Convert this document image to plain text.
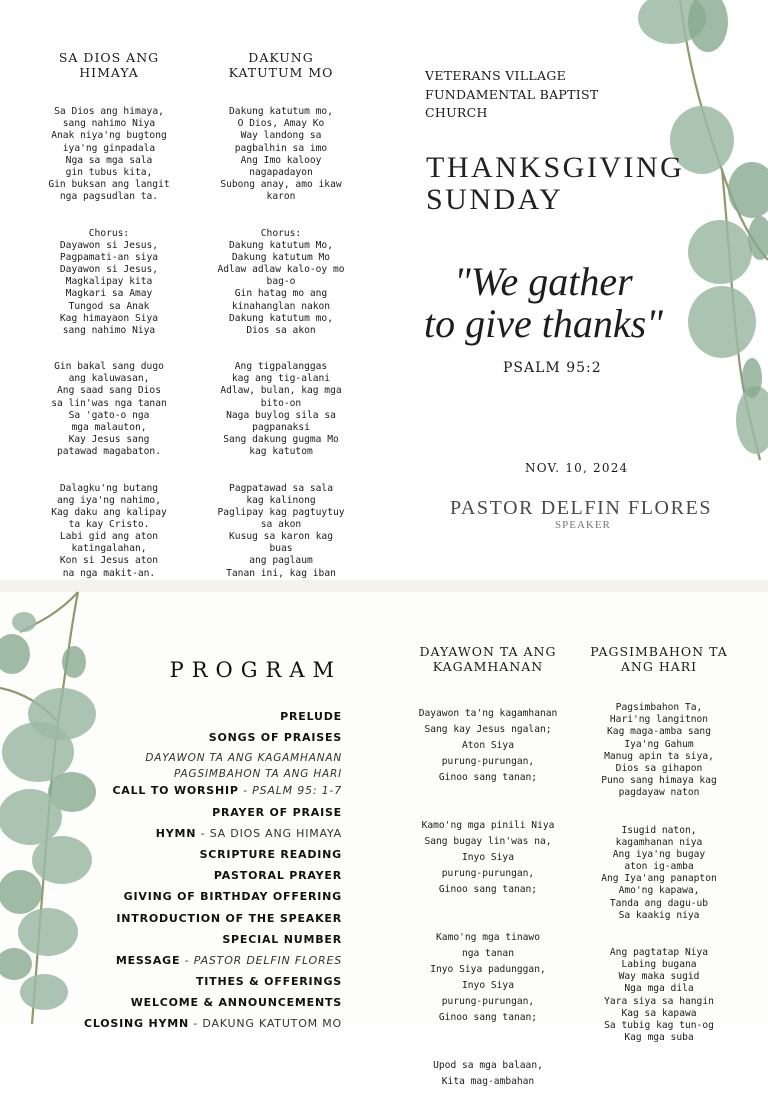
SA DIOS ANG
HIMAYA

Sa Dios ang himaya,
sang nahimo Niya
Anak niya'ng bugtong
iya'ng ginpadala
Nga sa mga sala
gin tubus kita,
Gin buksan ang langit
nga pagsudlan ta.

Chorus:
Dayawon si Jesus,
Pagpamati-an siya
Dayawon si Jesus,
Magkalipay kita
Magkari sa Amay
Tungod sa Anak
Kag himayaon Siya
sang nahimo Niya

Gin bakal sang dugo
ang kaluwasan,
Ang saad sang Dios
sa lin'was nga tanan
Sa 'gato-o nga
mga malauton,
Kay Jesus sang
patawad magabaton.

Dalagku'ng butang
ang iya'ng nahimo,
Kag daku ang kalipay
ta kay Cristo.
Labi gid ang aton
katingalahan,
Kon si Jesus aton
na nga makit-an.

DAKUNG
KATUTUM MO

Dakung katutum mo,
O Dios, Amay Ko
Way landong sa
pagbalhin sa imo
Ang Imo kalooy
nagapadayon
Subong anay, amo ikaw
karon

Chorus:
Dakung katutum Mo,
Dakung katutum Mo
Adlaw adlaw kalo-oy mo
bag-o
Gin hatag mo ang
kinahanglan nakon
Dakung katutum mo,
Dios sa akon

Ang tigpalanggas
kag ang tig-alani
Adlaw, bulan, kag mga
bito-on
Naga buylog sila sa
pagpanaksi
Sang dakung gugma Mo
kag katutom

Pagpatawad sa sala
kag kalinong
Paglipay kag pagtuytuy
sa akon
Kusug sa karon kag
buas
ang paglaum
Tanan ini, kag iban

VETERANS VILLAGE
FUNDAMENTAL BAPTIST
CHURCH
THANKSGIVING
SUNDAY
"We gather
to give thanks"
PSALM 95:2
NOV. 10, 2024
PASTOR DELFIN FLORES
SPEAKER
PROGRAM
PRELUDE
SONGS OF PRAISES
DAYAWON TA ANG KAGAMHANAN
PAGSIMBAHON TA ANG HARI
CALL TO WORSHIP - PSALM 95: 1-7
PRAYER OF PRAISE
HYMN - SA DIOS ANG HIMAYA
SCRIPTURE READING
PASTORAL PRAYER
GIVING OF BIRTHDAY OFFERING
INTRODUCTION OF THE SPEAKER
SPECIAL NUMBER
MESSAGE - PASTOR DELFIN FLORES
TITHES & OFFERINGS
WELCOME & ANNOUNCEMENTS
CLOSING HYMN - DAKUNG KATUTOM MO
DAYAWON TA ANG
KAGAMHANAN

Dayawon ta'ng kagamhanan
Sang kay Jesus ngalan;
Aton Siya
purung-purungan,
Ginoo sang tanan;

Kamo'ng mga pinili Niya
Sang bugay lin'was na,
Inyo Siya
purung-purungan,
Ginoo sang tanan;

Kamo'ng mga tinawo
nga tanan
Inyo Siya padunggan,
Inyo Siya
purung-purungan,
Ginoo sang tanan;

Upod sa mga balaan,
Kita mag-ambahan

PAGSIMBAHON TA
ANG HARI

Pagsimbahon Ta,
Hari'ng langitnon
Kag maga-amba sang
Iya'ng Gahum
Manug apin ta siya,
Dios sa gihapon
Puno sang himaya kag
pagdayaw naton

Isugid naton,
kagamhanan niya
Ang iya'ng bugay
aton ig-amba
Ang Iya'ang panapton
Amo'ng kapawa,
Tanda ang dagu-ub
Sa kaakig niya

Ang pagtatap Niya
Labing bugana
Way maka sugid
Nga mga dila
Yara siya sa hangin
Kag sa kapawa
Sa tubig kag tun-og
Kag mga suba
